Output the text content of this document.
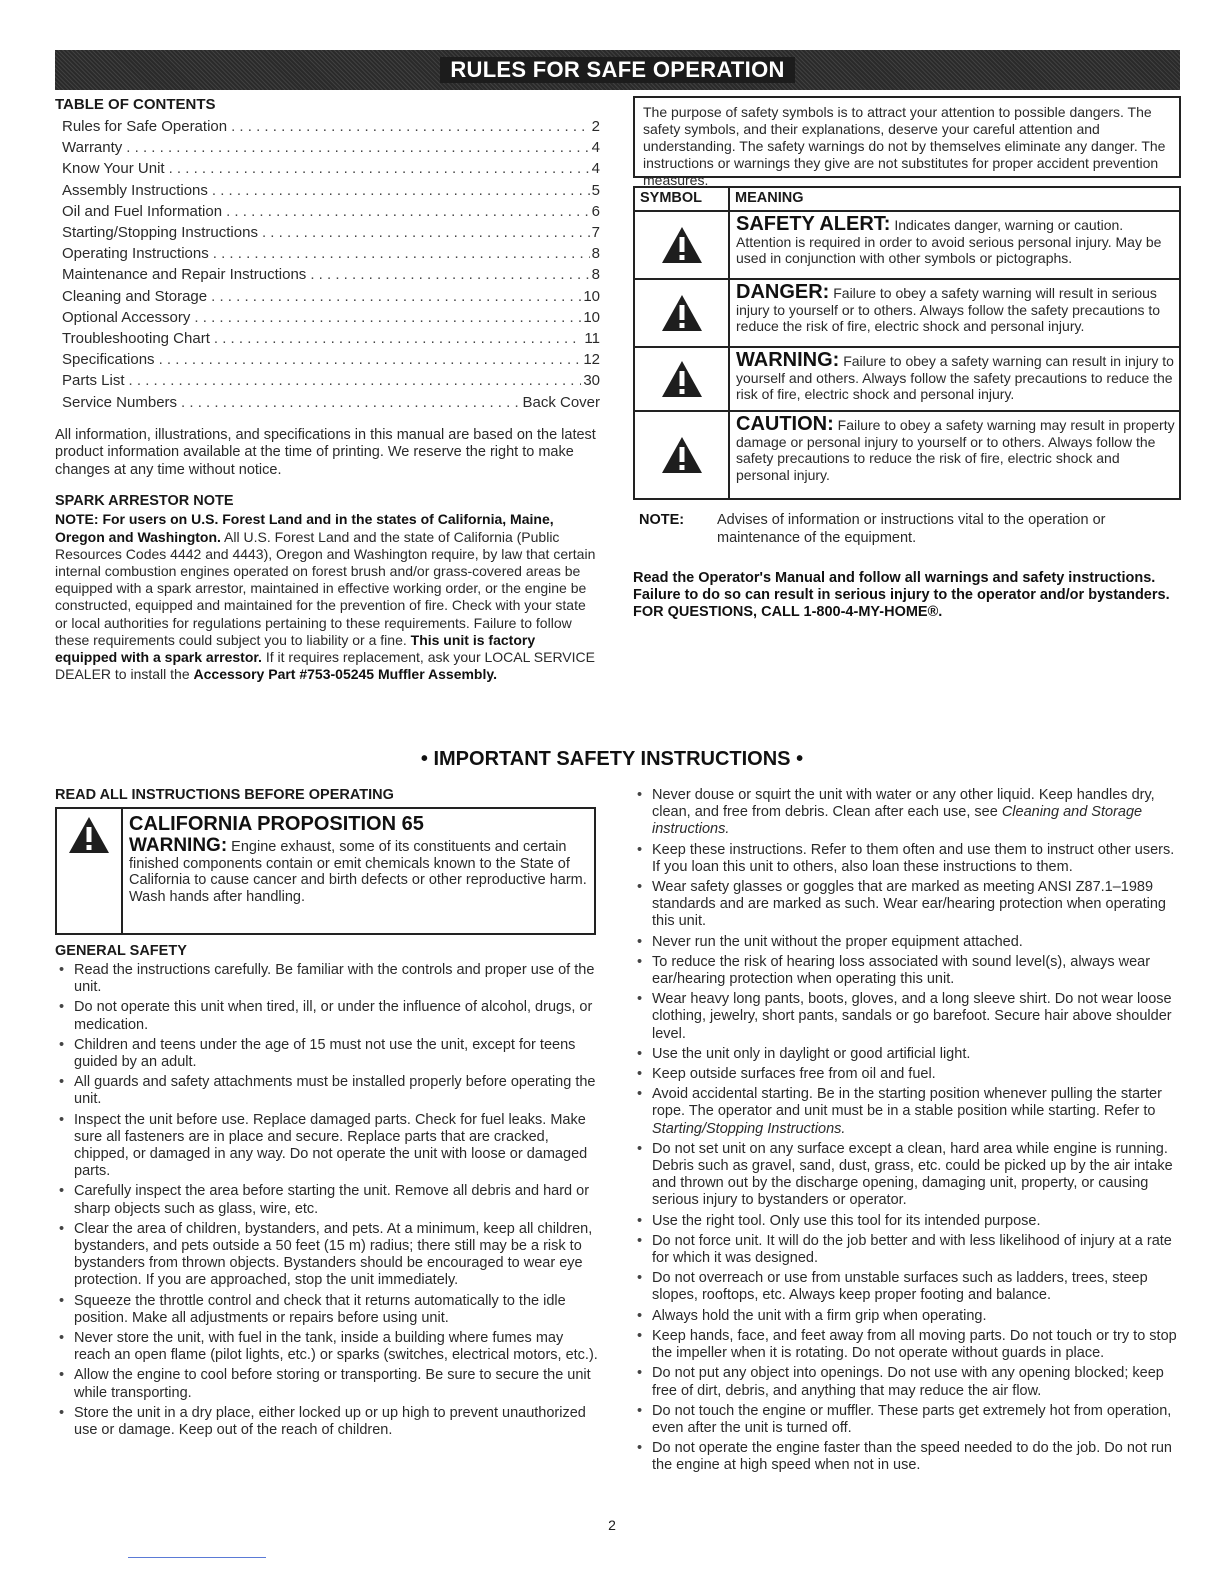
RULES FOR SAFE OPERATION
TABLE OF CONTENTS
Rules for Safe Operation . . .	2
Warranty . . .	4
Know Your Unit . . .	4
Assembly Instructions . . .	5
Oil and Fuel Information . . .	6
Starting/Stopping Instructions . . .	7
Operating Instructions . . .	8
Maintenance and Repair Instructions . . .	8
Cleaning and Storage . . .	10
Optional Accessory . . .	10
Troubleshooting Chart . . .	11
Specifications . . .	12
Parts List . . .	30
Service Numbers . . .	Back Cover

All information, illustrations, and specifications in this manual are based on the latest product information available at the time of printing. We reserve the right to make changes at any time without notice.

SPARK ARRESTOR NOTE

NOTE: For users on U.S. Forest Land and in the states of California, Maine, Oregon and Washington. All U.S. Forest Land and the state of California (Public Resources Codes 4442 and 4443), Oregon and Washington require, by law that certain internal combustion engines operated on forest brush and/or grass-covered areas be equipped with a spark arrestor, maintained in effective working order, or the engine be constructed, equipped and maintained for the prevention of fire. Check with your state or local authorities for regulations pertaining to these requirements. Failure to follow these requirements could subject you to liability or a fine. This unit is factory equipped with a spark arrestor. If it requires replacement, ask your LOCAL SERVICE DEALER to install the Accessory Part #753-05245 Muffler Assembly.

The purpose of safety symbols is to attract your attention to possible dangers. The safety symbols, and their explanations, deserve your careful attention and understanding. The safety warnings do not by themselves eliminate any danger. The instructions or warnings they give are not substitutes for proper accident prevention measures.
SYMBOL	MEANING
SAFETY ALERT: Indicates danger, warning or caution. Attention is required in order to avoid serious personal injury. May be used in conjunction with other symbols or pictographs.
DANGER: Failure to obey a safety warning will result in serious injury to yourself or to others. Always follow the safety precautions to reduce the risk of fire, electric shock and personal injury.
WARNING: Failure to obey a safety warning can result in injury to yourself and others. Always follow the safety precautions to reduce the risk of fire, electric shock and personal injury.
CAUTION: Failure to obey a safety warning may result in property damage or personal injury to yourself or to others. Always follow the safety precautions to reduce the risk of fire, electric shock and personal injury.
NOTE:	Advises of information or instructions vital to the operation or maintenance of the equipment.
Read the Operator's Manual and follow all warnings and safety instructions.
Failure to do so can result in serious injury to the operator and/or bystanders.
FOR QUESTIONS, CALL 1-800-4-MY-HOME®.
• IMPORTANT SAFETY INSTRUCTIONS •
READ ALL INSTRUCTIONS BEFORE OPERATING
CALIFORNIA PROPOSITION 65
WARNING: Engine exhaust, some of its constituents and certain finished components contain or emit chemicals known to the State of California to cause cancer and birth defects or other reproductive harm. Wash hands after handling.
GENERAL SAFETY
• Read the instructions carefully. Be familiar with the controls and proper use of the unit.
• Do not operate this unit when tired, ill, or under the influence of alcohol, drugs, or medication.
• Children and teens under the age of 15 must not use the unit, except for teens guided by an adult.
• All guards and safety attachments must be installed properly before operating the unit.
• Inspect the unit before use. Replace damaged parts. Check for fuel leaks. Make sure all fasteners are in place and secure. Replace parts that are cracked, chipped, or damaged in any way. Do not operate the unit with loose or damaged parts.
• Carefully inspect the area before starting the unit. Remove all debris and hard or sharp objects such as glass, wire, etc.
• Clear the area of children, bystanders, and pets. At a minimum, keep all children, bystanders, and pets outside a 50 feet (15 m) radius; there still may be a risk to bystanders from thrown objects. Bystanders should be encouraged to wear eye protection. If you are approached, stop the unit immediately.
• Squeeze the throttle control and check that it returns automatically to the idle position. Make all adjustments or repairs before using unit.
• Never store the unit, with fuel in the tank, inside a building where fumes may reach an open flame (pilot lights, etc.) or sparks (switches, electrical motors, etc.).
• Allow the engine to cool before storing or transporting. Be sure to secure the unit while transporting.
• Store the unit in a dry place, either locked up or up high to prevent unauthorized use or damage. Keep out of the reach of children.
• Never douse or squirt the unit with water or any other liquid. Keep handles dry, clean, and free from debris. Clean after each use, see Cleaning and Storage instructions.
• Keep these instructions. Refer to them often and use them to instruct other users. If you loan this unit to others, also loan these instructions to them.
• Wear safety glasses or goggles that are marked as meeting ANSI Z87.1–1989 standards and are marked as such. Wear ear/hearing protection when operating this unit.
• Never run the unit without the proper equipment attached.
• To reduce the risk of hearing loss associated with sound level(s), always wear ear/hearing protection when operating this unit.
• Wear heavy long pants, boots, gloves, and a long sleeve shirt. Do not wear loose clothing, jewelry, short pants, sandals or go barefoot. Secure hair above shoulder level.
• Use the unit only in daylight or good artificial light.
• Keep outside surfaces free from oil and fuel.
• Avoid accidental starting. Be in the starting position whenever pulling the starter rope. The operator and unit must be in a stable position while starting. Refer to Starting/Stopping Instructions.
• Do not set unit on any surface except a clean, hard area while engine is running. Debris such as gravel, sand, dust, grass, etc. could be picked up by the air intake and thrown out by the discharge opening, damaging unit, property, or causing serious injury to bystanders or operator.
• Use the right tool. Only use this tool for its intended purpose.
• Do not force unit. It will do the job better and with less likelihood of injury at a rate for which it was designed.
• Do not overreach or use from unstable surfaces such as ladders, trees, steep slopes, rooftops, etc. Always keep proper footing and balance.
• Always hold the unit with a firm grip when operating.
• Keep hands, face, and feet away from all moving parts. Do not touch or try to stop the impeller when it is rotating. Do not operate without guards in place.
• Do not put any object into openings. Do not use with any opening blocked; keep free of dirt, debris, and anything that may reduce the air flow.
• Do not touch the engine or muffler. These parts get extremely hot from operation, even after the unit is turned off.
• Do not operate the engine faster than the speed needed to do the job. Do not run the engine at high speed when not in use.
2
